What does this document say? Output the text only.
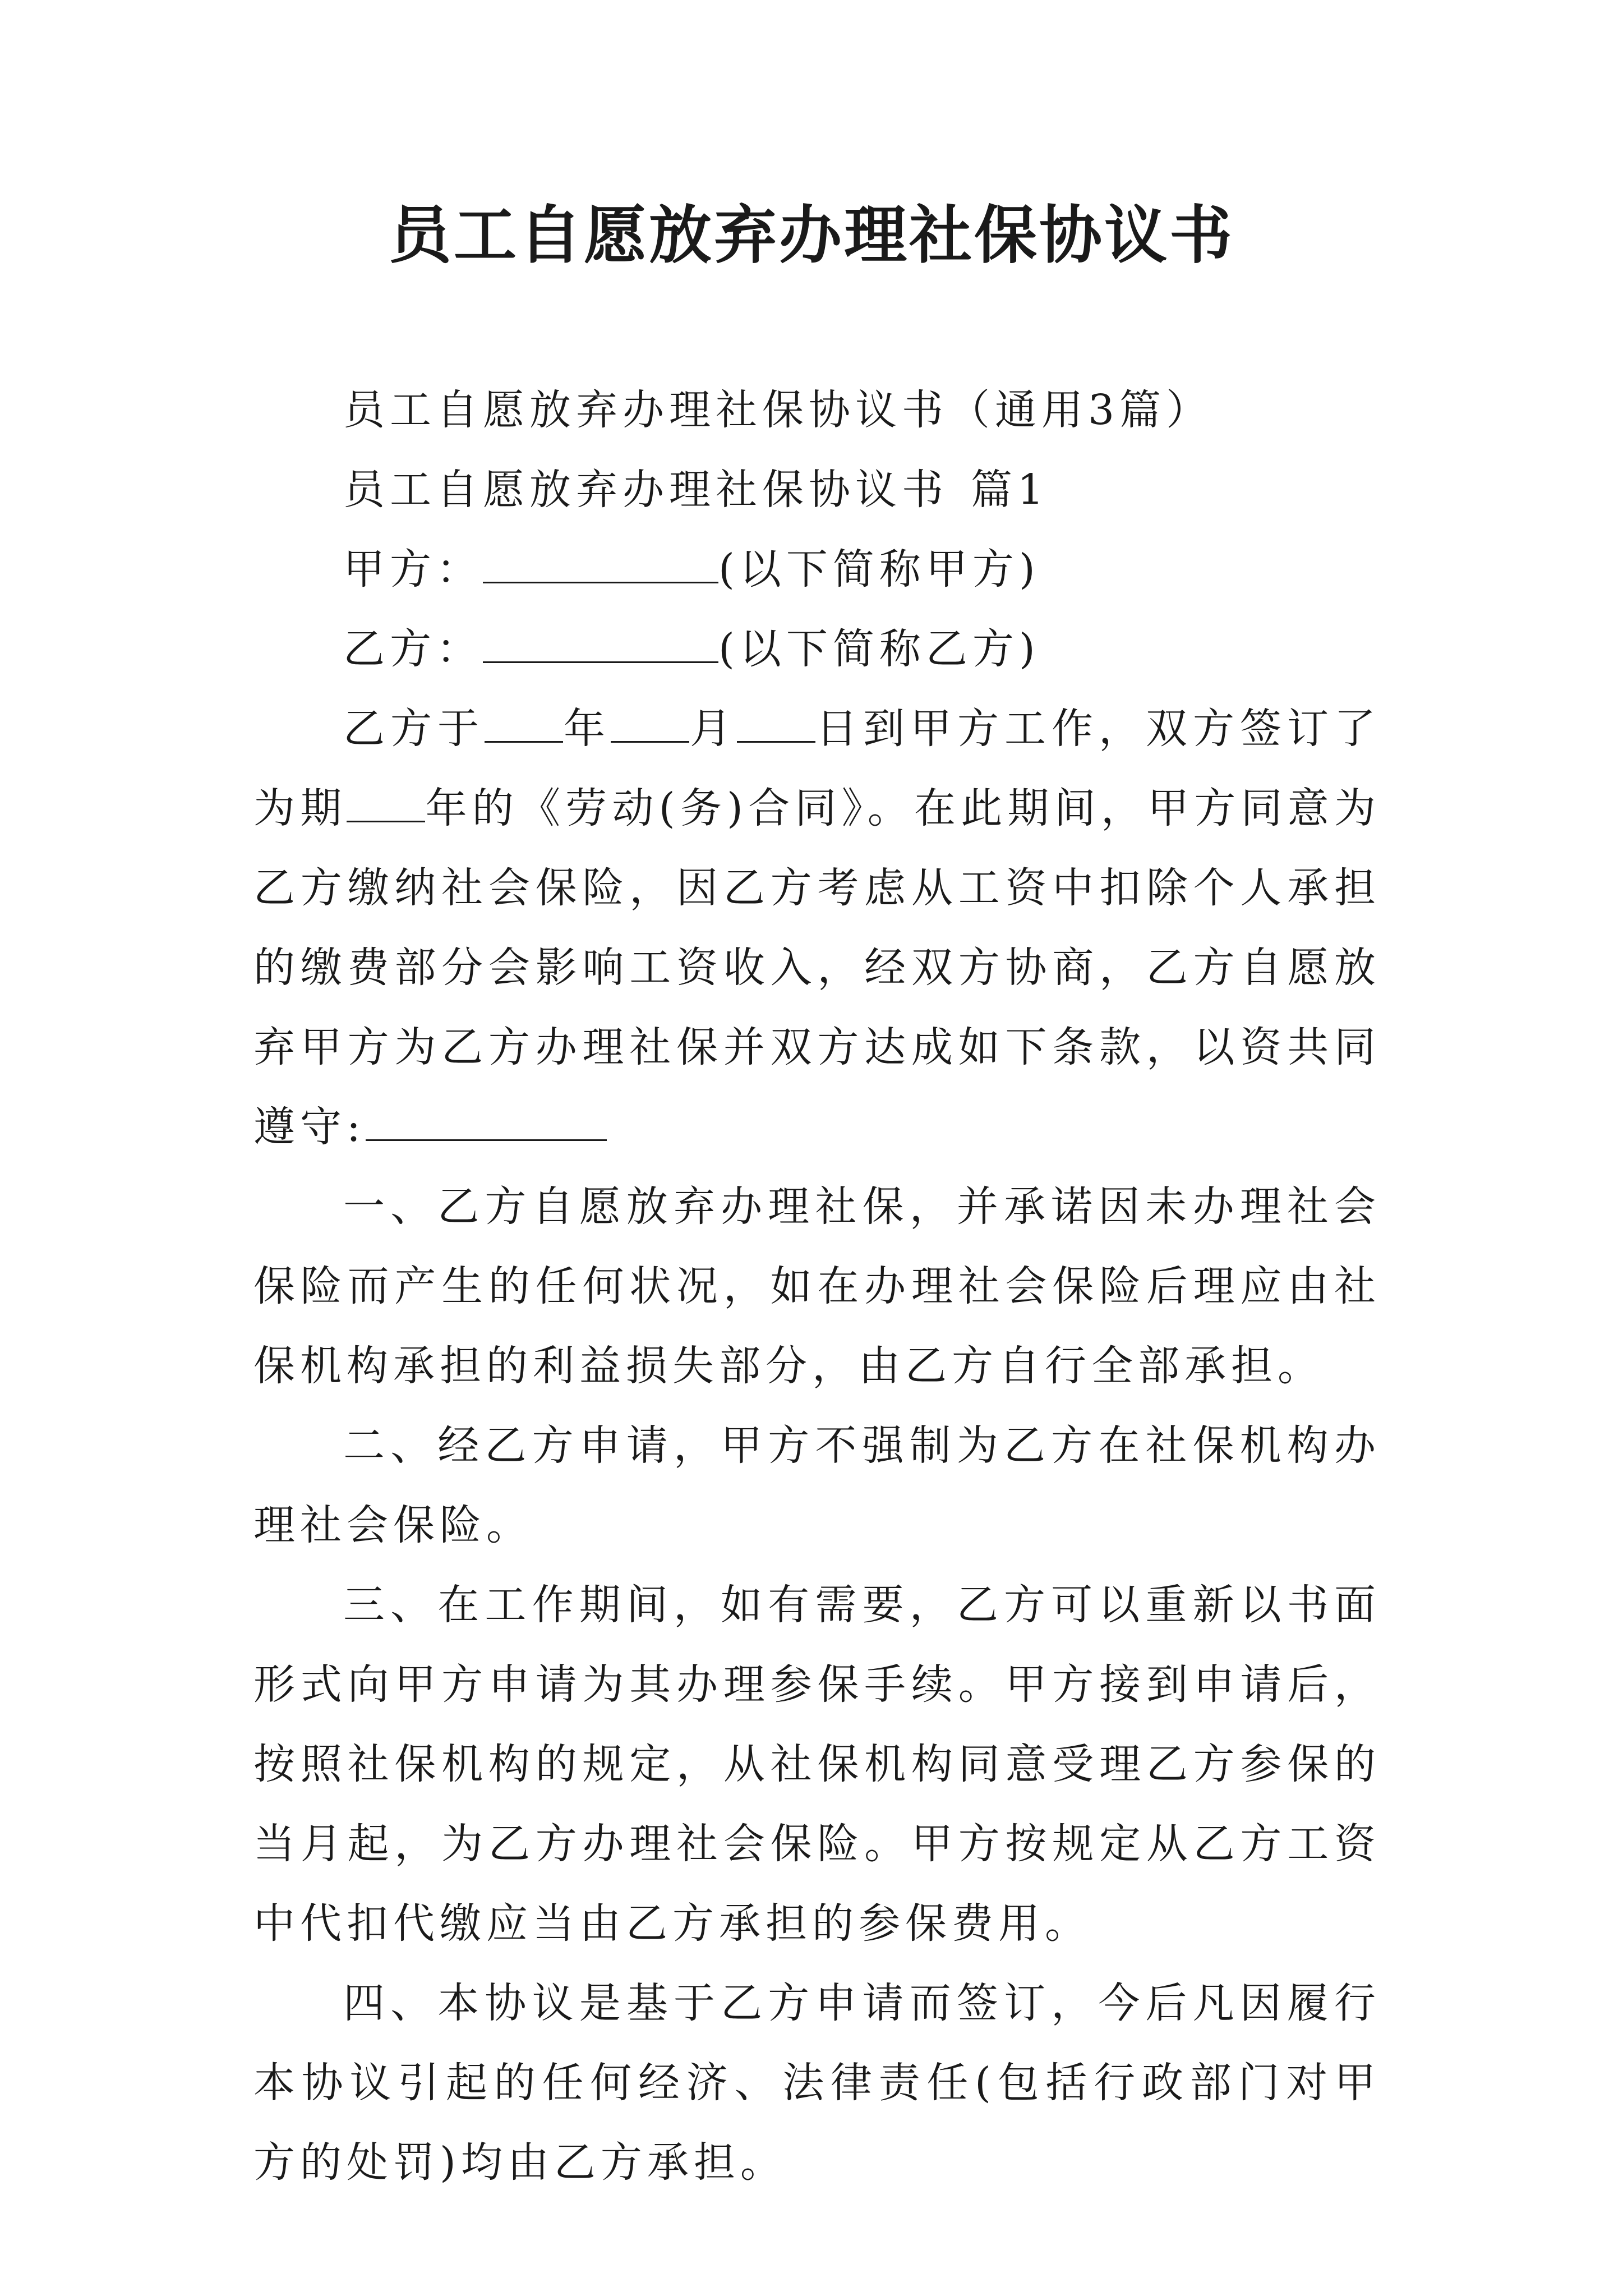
员工自愿放弃办理社保协议书

员工自愿放弃办理社保协议书（通用3篇）

员工自愿放弃办理社保协议书 篇1

甲方：	(以下简称甲方)

乙方：	(以下简称乙方)

乙方于 年 月 日到甲方工作，双方签订了为期 年的《劳动(务)合同》。在此期间，甲方同意为乙方缴纳社会保险，因乙方考虑从工资中扣除个人承担的缴费部分会影响工资收入，经双方协商，乙方自愿放弃甲方为乙方办理社保并双方达成如下条款，以资共同遵守:

一、乙方自愿放弃办理社保，并承诺因未办理社会保险而产生的任何状况，如在办理社会保险后理应由社保机构承担的利益损失部分，由乙方自行全部承担。

二、经乙方申请，甲方不强制为乙方在社保机构办理社会保险。

三、在工作期间，如有需要，乙方可以重新以书面形式向甲方申请为其办理参保手续。甲方接到申请后，按照社保机构的规定，从社保机构同意受理乙方参保的当月起，为乙方办理社会保险。甲方按规定从乙方工资中代扣代缴应当由乙方承担的参保费用。

四、本协议是基于乙方申请而签订，今后凡因履行本协议引起的任何经济、法律责任(包括行政部门对甲方的处罚)均由乙方承担。
